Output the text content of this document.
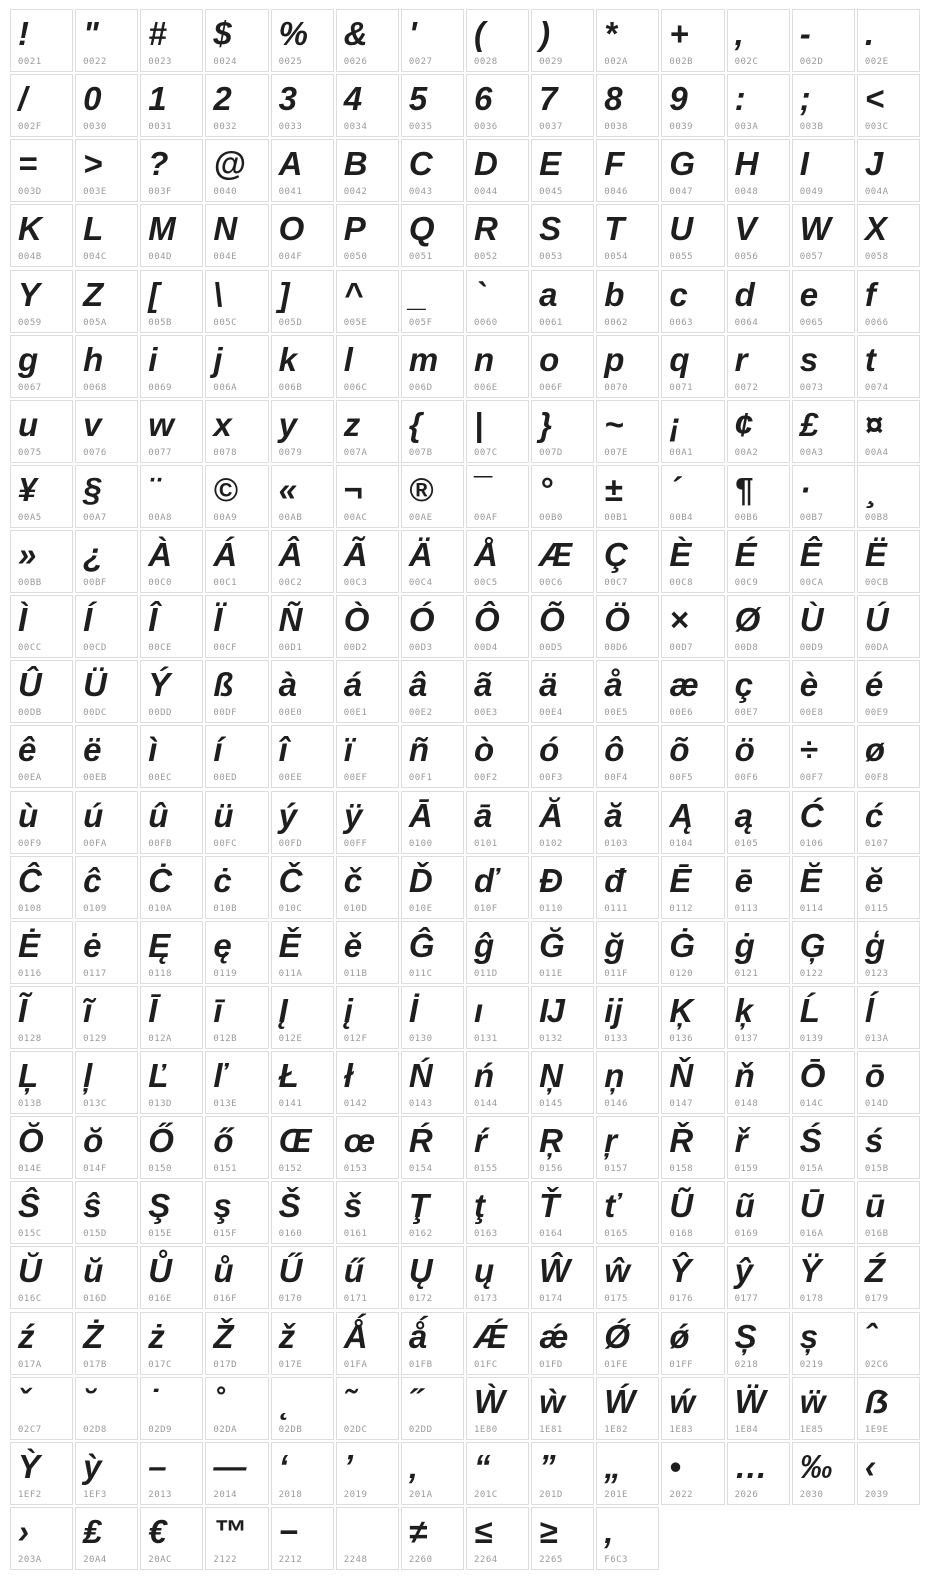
!
0021
"
0022
#
0023
$
0024
%
0025
&
0026
'
0027
(
0028
)
0029
*
002A
+
002B
,
002C
-
002D
.
002E
/
002F
0
0030
1
0031
2
0032
3
0033
4
0034
5
0035
6
0036
7
0037
8
0038
9
0039
:
003A
;
003B
<
003C
=
003D
>
003E
?
003F
@
0040
A
0041
B
0042
C
0043
D
0044
E
0045
F
0046
G
0047
H
0048
I
0049
J
004A
K
004B
L
004C
M
004D
N
004E
O
004F
P
0050
Q
0051
R
0052
S
0053
T
0054
U
0055
V
0056
W
0057
X
0058
Y
0059
Z
005A
[
005B
\
005C
]
005D
^
005E
_
005F
`
0060
a
0061
b
0062
c
0063
d
0064
e
0065
f
0066
g
0067
h
0068
i
0069
j
006A
k
006B
l
006C
m
006D
n
006E
o
006F
p
0070
q
0071
r
0072
s
0073
t
0074
u
0075
v
0076
w
0077
x
0078
y
0079
z
007A
{
007B
|
007C
}
007D
~
007E
¡
00A1
¢
00A2
£
00A3
¤
00A4
¥
00A5
§
00A7
¨
00A8
©
00A9
«
00AB
¬
00AC
®
00AE
¯
00AF
°
00B0
±
00B1
´
00B4
¶
00B6
·
00B7
¸
00B8
»
00BB
¿
00BF
À
00C0
Á
00C1
Â
00C2
Ã
00C3
Ä
00C4
Å
00C5
Æ
00C6
Ç
00C7
È
00C8
É
00C9
Ê
00CA
Ë
00CB
Ì
00CC
Í
00CD
Î
00CE
Ï
00CF
Ñ
00D1
Ò
00D2
Ó
00D3
Ô
00D4
Õ
00D5
Ö
00D6
×
00D7
Ø
00D8
Ù
00D9
Ú
00DA
Û
00DB
Ü
00DC
Ý
00DD
ß
00DF
à
00E0
á
00E1
â
00E2
ã
00E3
ä
00E4
å
00E5
æ
00E6
ç
00E7
è
00E8
é
00E9
ê
00EA
ë
00EB
ì
00EC
í
00ED
î
00EE
ï
00EF
ñ
00F1
ò
00F2
ó
00F3
ô
00F4
õ
00F5
ö
00F6
÷
00F7
ø
00F8
ù
00F9
ú
00FA
û
00FB
ü
00FC
ý
00FD
ÿ
00FF
Ā
0100
ā
0101
Ă
0102
ă
0103
Ą
0104
ą
0105
Ć
0106
ć
0107
Ĉ
0108
ĉ
0109
Ċ
010A
ċ
010B
Č
010C
č
010D
Ď
010E
ď
010F
Đ
0110
đ
0111
Ē
0112
ē
0113
Ĕ
0114
ĕ
0115
Ė
0116
ė
0117
Ę
0118
ę
0119
Ě
011A
ě
011B
Ĝ
011C
ĝ
011D
Ğ
011E
ğ
011F
Ġ
0120
ġ
0121
Ģ
0122
ģ
0123
Ĩ
0128
ĩ
0129
Ī
012A
ī
012B
Į
012E
į
012F
İ
0130
ı
0131
Ĳ
0132
ĳ
0133
Ķ
0136
ķ
0137
Ĺ
0139
ĺ
013A
Ļ
013B
ļ
013C
Ľ
013D
ľ
013E
Ł
0141
ł
0142
Ń
0143
ń
0144
Ņ
0145
ņ
0146
Ň
0147
ň
0148
Ō
014C
ō
014D
Ŏ
014E
ŏ
014F
Ő
0150
ő
0151
Œ
0152
œ
0153
Ŕ
0154
ŕ
0155
Ŗ
0156
ŗ
0157
Ř
0158
ř
0159
Ś
015A
ś
015B
Ŝ
015C
ŝ
015D
Ş
015E
ş
015F
Š
0160
š
0161
Ţ
0162
ţ
0163
Ť
0164
ť
0165
Ũ
0168
ũ
0169
Ū
016A
ū
016B
Ŭ
016C
ŭ
016D
Ů
016E
ů
016F
Ű
0170
ű
0171
Ų
0172
ų
0173
Ŵ
0174
ŵ
0175
Ŷ
0176
ŷ
0177
Ÿ
0178
Ź
0179
ź
017A
Ż
017B
ż
017C
Ž
017D
ž
017E
Ǻ
01FA
ǻ
01FB
Ǽ
01FC
ǽ
01FD
Ǿ
01FE
ǿ
01FF
Ș
0218
ș
0219
ˆ
02C6
ˇ
02C7
˘
02D8
˙
02D9
˚
02DA
˛
02DB
˜
02DC
˝
02DD
Ẁ
1E80
ẁ
1E81
Ẃ
1E82
ẃ
1E83
Ẅ
1E84
ẅ
1E85
ẞ
1E9E
Ỳ
1EF2
ỳ
1EF3
–
2013
—
2014
‘
2018
’
2019
‚
201A
“
201C
”
201D
„
201E
•
2022
…
2026
‰
2030
‹
2039
›
203A
₤
20A4
€
20AC
™
2122
−
2212	2248
≠
2260
≤
2264
≥
2265
,
F6C3
